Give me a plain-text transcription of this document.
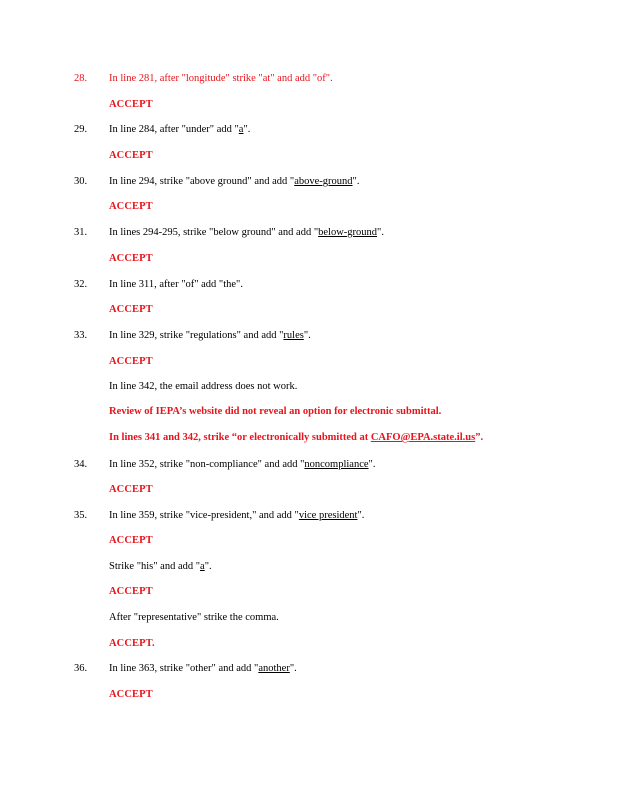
28. In line 281, after "longitude" strike "at" and add "of".
ACCEPT
29. In line 284, after "under" add "a".
ACCEPT
30. In line 294, strike "above ground" and add "above-ground".
ACCEPT
31. In lines 294-295, strike "below ground" and add "below-ground".
ACCEPT
32. In line 311, after "of" add "the".
ACCEPT
33. In line 329, strike "regulations" and add "rules".
ACCEPT
In line 342, the email address does not work.
Review of IEPA’s website did not reveal an option for electronic submittal.
In lines 341 and 342, strike “or electronically submitted at CAFO@EPA.state.il.us”.
34. In line 352, strike "non-compliance" and add "noncompliance".
ACCEPT
35. In line 359, strike "vice-president," and add "vice president".
ACCEPT
Strike "his" and add "a".
ACCEPT
After "representative" strike the comma.
ACCEPT.
36. In line 363, strike "other" and add "another".
ACCEPT
